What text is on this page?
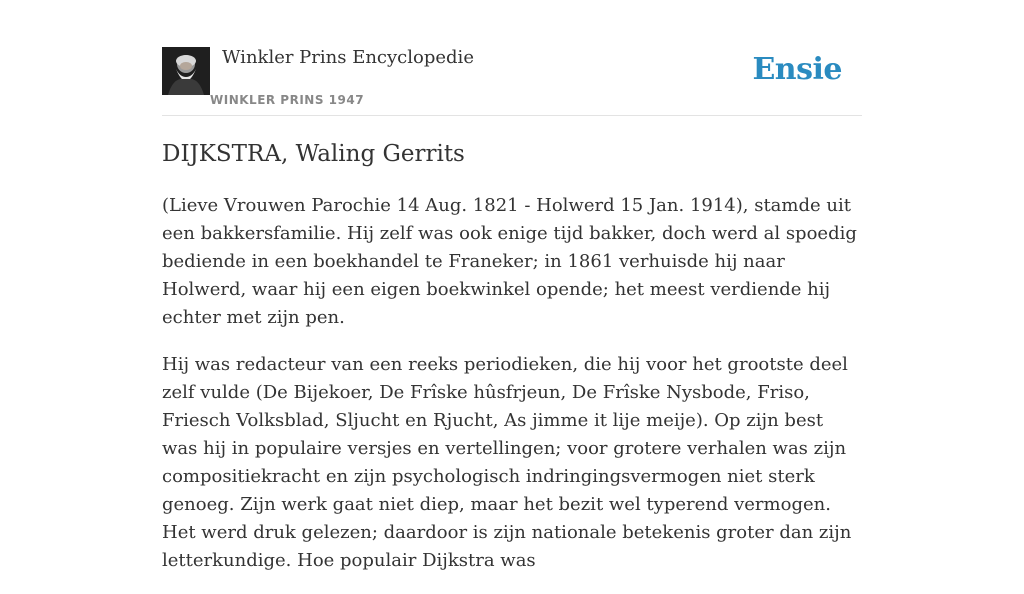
Winkler Prins Encyclopedie
WINKLER PRINS 1947
Ensie
DIJKSTRA, Waling Gerrits

(Lieve Vrouwen Parochie 14 Aug. 1821 - Holwerd 15 Jan. 1914), stamde uit een bakkersfamilie. Hij zelf was ook enige tijd bakker, doch werd al spoedig bediende in een boekhandel te Franeker; in 1861 verhuisde hij naar Holwerd, waar hij een eigen boekwinkel opende; het meest verdiende hij echter met zijn pen.

Hij was redacteur van een reeks periodieken, die hij voor het grootste deel zelf vulde (De Bijekoer, De Frîske hûsfrjeun, De Frîske Nysbode, Friso, Friesch Volksblad, Sljucht en Rjucht, As jimme it lije meije). Op zijn best was hij in populaire versjes en vertellingen; voor grotere verhalen was zijn compositiekracht en zijn psychologisch indringingsvermogen niet sterk genoeg. Zijn werk gaat niet diep, maar het bezit wel typerend vermogen. Het werd druk gelezen; daardoor is zijn nationale betekenis groter dan zijn letterkundige. Hoe populair Dijkstra was
